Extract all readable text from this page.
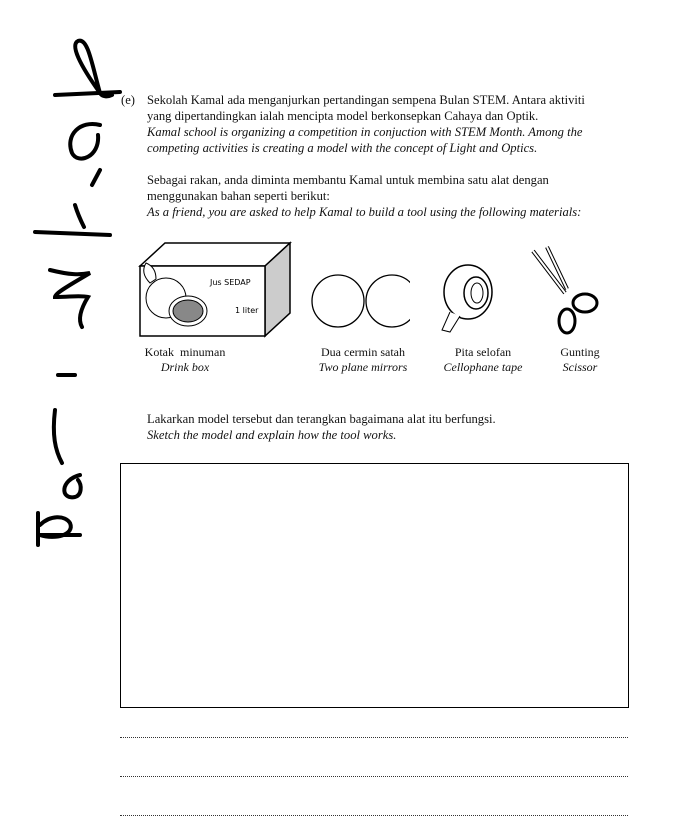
(e) Sekolah Kamal ada menganjurkan pertandingan sempena Bulan STEM. Antara aktiviti
yang dipertandingkan ialah mencipta model berkonsepkan Cahaya dan Optik.
Kamal school is organizing a competition in conjuction with STEM Month. Among the
competing activities is creating a model with the concept of Light and Optics.
Sebagai rakan, anda diminta membantu Kamal untuk membina satu alat dengan
menggunakan bahan seperti berikut:
As a friend, you are asked to help Kamal to build a tool using the following materials:
Jus SEDAP
1 liter
Kotak  minuman
Drink box
Dua cermin satah
Two plane mirrors
Pita selofan
Cellophane tape
Gunting
Scissor
Lakarkan model tersebut dan terangkan bagaimana alat itu berfungsi.
Sketch the model and explain how the tool works.
